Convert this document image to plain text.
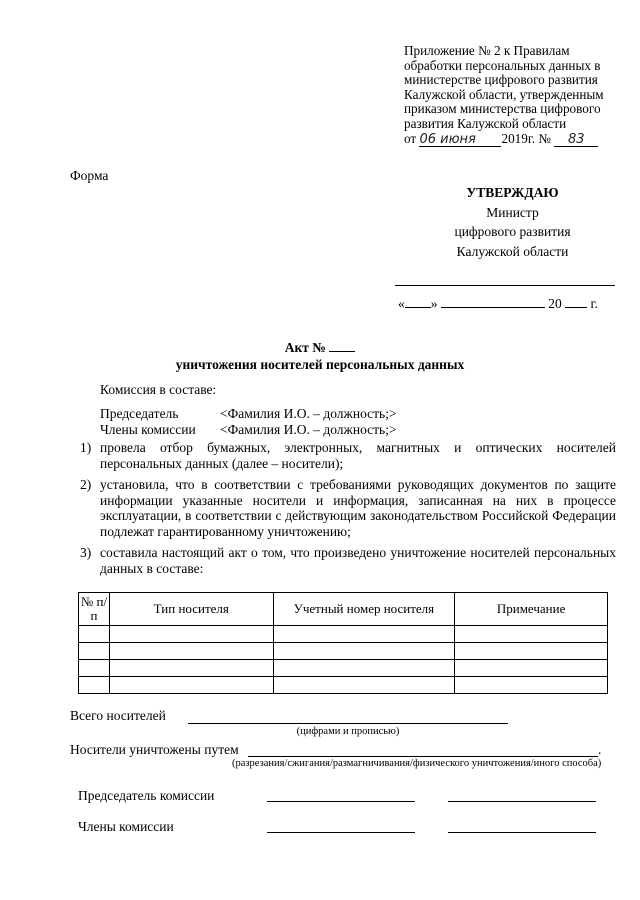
Приложение № 2 к Правилам
обработки персональных данных в
министерстве цифрового развития
Калужской области, утвержденным
приказом министерства цифрового
развития Калужской области
от 06 июня 2019г. № 83
Форма
УТВЕРЖДАЮ
Министр
цифрового развития
Калужской области
« »	20 г.
Акт №
уничтожения носителей персональных данных
Комиссия в составе:
Председатель	<Фамилия И.О. – должность;>
Члены комиссии	<Фамилия И.О. – должность;>
1) провела отбор бумажных, электронных, магнитных и оптических носителей персональных данных (далее – носители);
2) установила, что в соответствии с требованиями руководящих документов по защите информации указанные носители и информация, записанная на них в процессе эксплуатации, в соответствии с действующим законодательством Российской Федерации подлежат гарантированному уничтожению;
3) составила настоящий акт о том, что произведено уничтожение носителей персональных данных в составе:
№ п/п	Тип носителя	Учетный номер носителя	Примечание

Всего носителей
(цифрами и прописью)
Носители уничтожены путем	.
(разрезания/сжигания/размагничивания/физического уничтожения/иного способа)
Председатель комиссии
Члены комиссии
